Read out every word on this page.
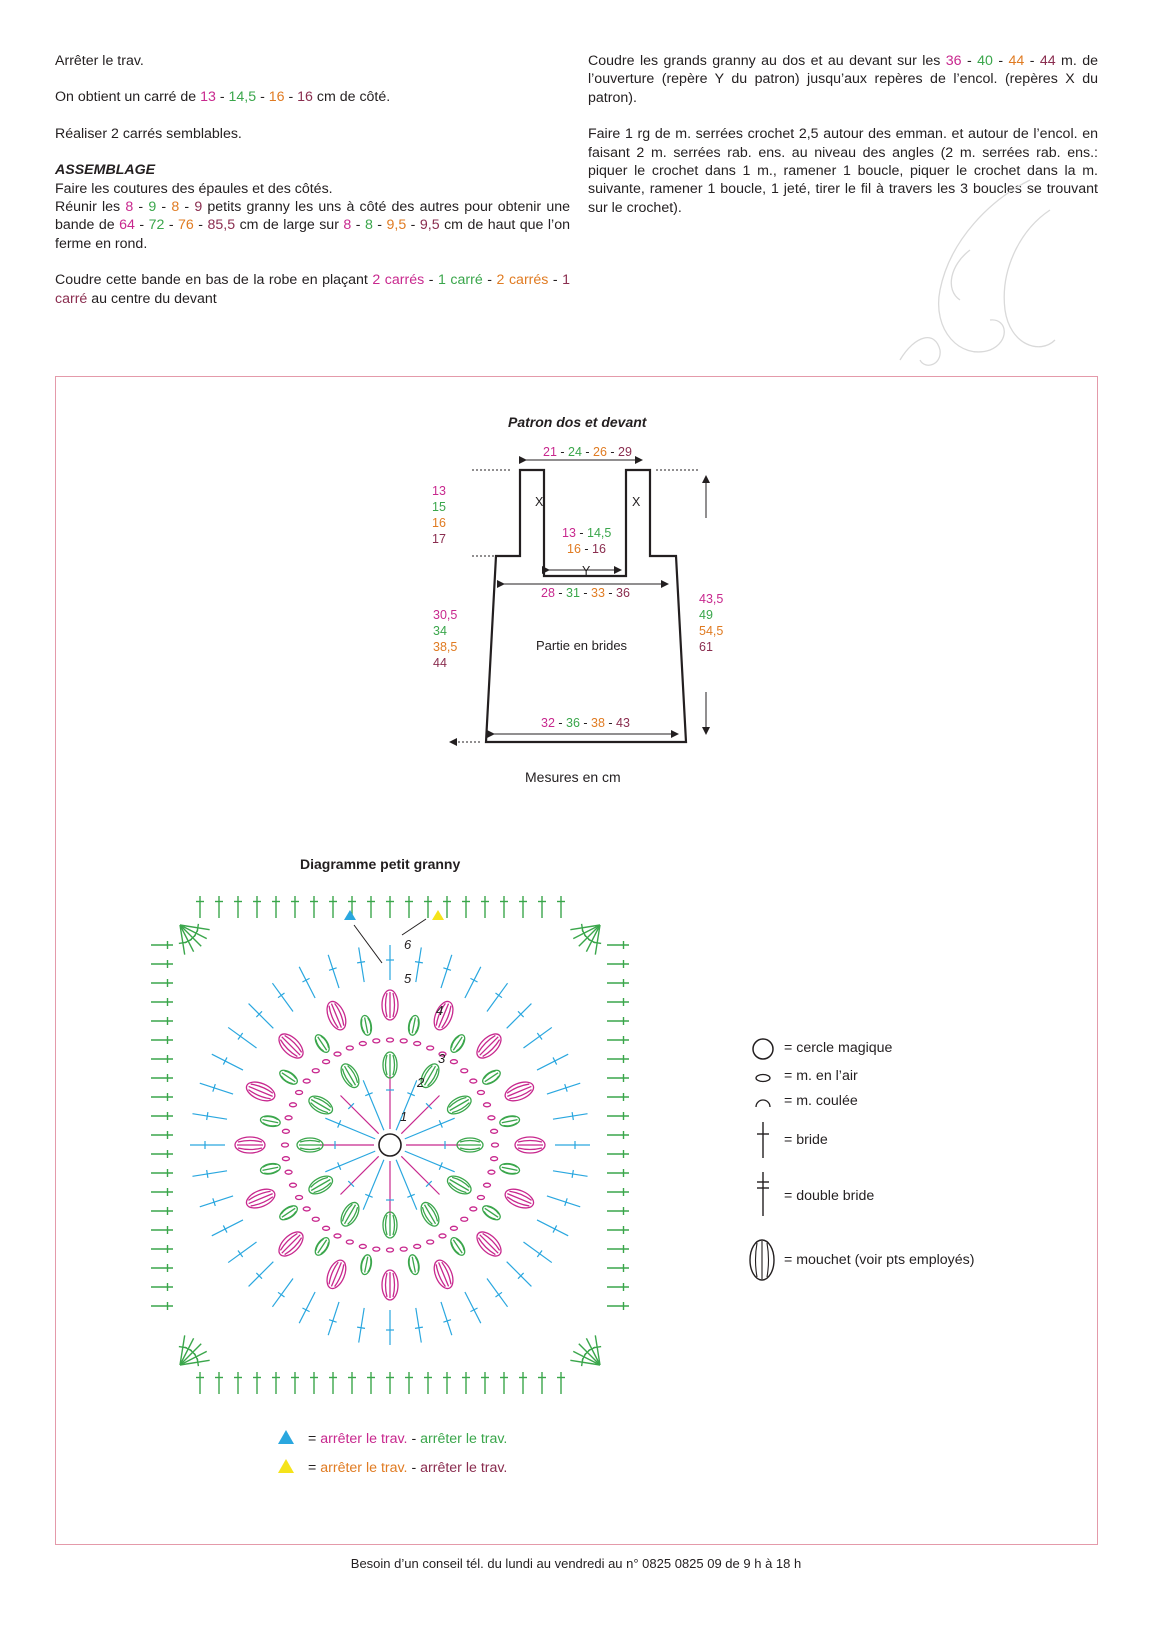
Arrêter le trav.

On obtient un carré de 13 - 14,5 - 16 - 16 cm de côté.

Réaliser 2 carrés semblables.

ASSEMBLAGE
Faire les coutures des épaules et des côtés.
Réunir les 8 - 9 - 8 - 9 petits granny les uns à côté des autres pour obtenir une bande de 64 - 72 - 76 - 85,5 cm de large sur 8 - 8 - 9,5 - 9,5 cm de haut que l’on ferme en rond.

Coudre cette bande en bas de la robe en plaçant 2 carrés - 1 carré - 2 carrés - 1 carré au centre du devant

Coudre les grands granny au dos et au devant sur les 36 - 40 - 44 - 44 m. de l’ouverture (repère Y du patron) jusqu’aux repères de l’encol. (repères X du patron).

Faire 1 rg de m. serrées crochet 2,5 autour des emman. et autour de l’encol. en faisant 2 m. serrées rab. ens. au niveau des angles (2 m. serrées rab. ens.: piquer le crochet dans 1 m., ramener 1 boucle, piquer le crochet dans la m. suivante, ramener 1 boucle, 1 jeté, tirer le fil à travers les 3 boucles se trouvant sur le crochet).

Patron dos et devant
21 - 24 - 26 - 29
13
15
16
17
X	X
13 - 14,5
16 - 16
Y
28 - 31 - 33 - 36
30,5
34
38,5
44
43,5
49
54,5
61
Partie en brides
32 - 36 - 38 - 43
Mesures en cm
Diagramme petit granny
1
2
3
4
5
6
= cercle magique
= m. en l’air
= m. coulée
= bride
= double bride
= mouchet (voir pts employés)
= arrêter le trav. - arrêter le trav.
= arrêter le trav. - arrêter le trav.
Besoin d’un conseil tél. du lundi au vendredi au n° 0825 0825 09 de 9 h à 18 h
